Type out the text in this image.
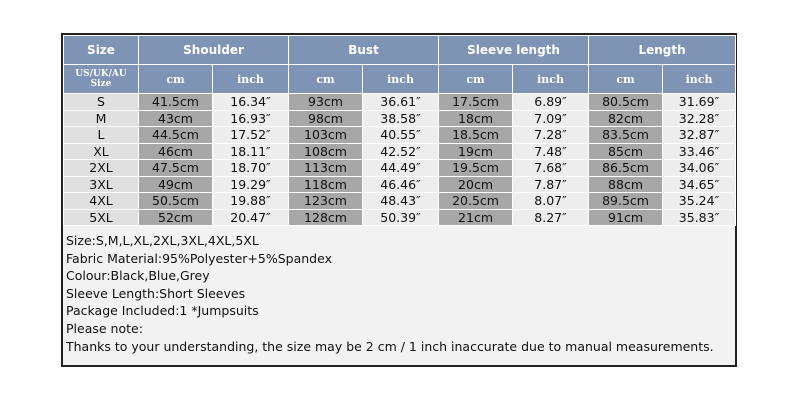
Size	Shoulder		Bust		Sleeve length		Length	

US/UK/AU
Size	cm	inch	cm	inch	cm	inch	cm	inch
S	41.5cm	16.34″	93cm	36.61″	17.5cm	6.89″	80.5cm	31.69″
M	43cm	16.93″	98cm	38.58″	18cm	7.09″	82cm	32.28″
L	44.5cm	17.52″	103cm	40.55″	18.5cm	7.28″	83.5cm	32.87″
XL	46cm	18.11″	108cm	42.52″	19cm	7.48″	85cm	33.46″
2XL	47.5cm	18.70″	113cm	44.49″	19.5cm	7.68″	86.5cm	34.06″
3XL	49cm	19.29″	118cm	46.46″	20cm	7.87″	88cm	34.65″
4XL	50.5cm	19.88″	123cm	48.43″	20.5cm	8.07″	89.5cm	35.24″
5XL	52cm	20.47″	128cm	50.39″	21cm	8.27″	91cm	35.83″
Size:S,M,L,XL,2XL,3XL,4XL,5XL
Fabric Material:95%Polyester+5%Spandex
Colour:Black,Blue,Grey
Sleeve Length:Short Sleeves
Package Included:1 *Jumpsuits
Please note:
Thanks to your understanding, the size may be 2 cm / 1 inch inaccurate due to manual measurements.
